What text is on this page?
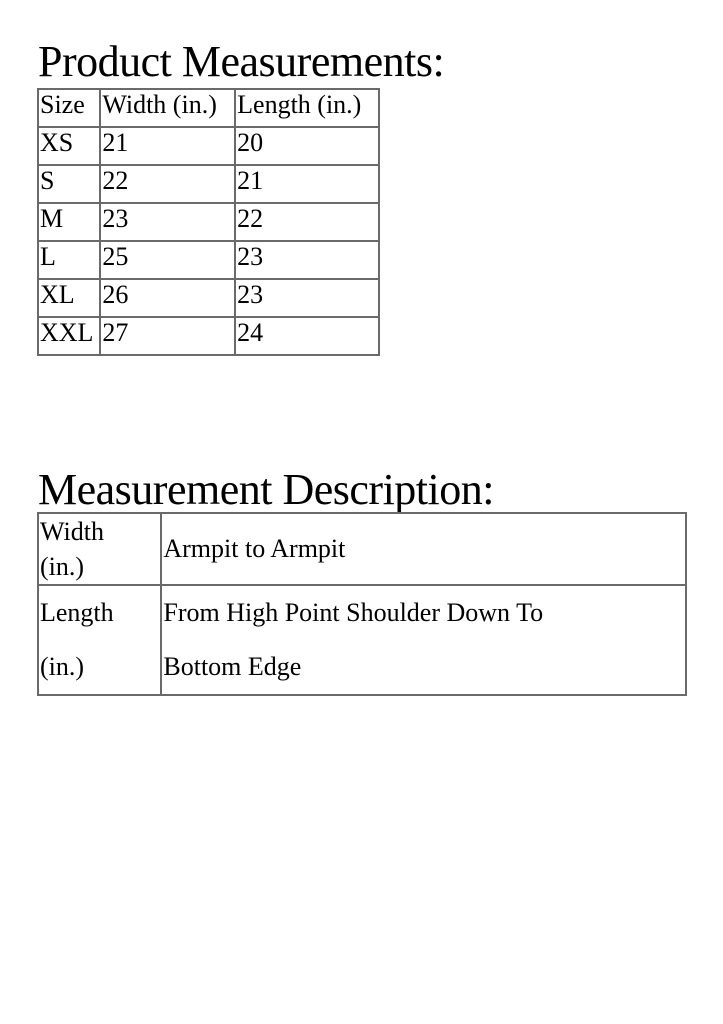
Product Measurements:
Size	Width (in.)	Length (in.)
XS	21	20
S	22	21
M	23	22
L	25	23
XL	26	23
XXL	27	24
Measurement Description:
Width (in.)	Armpit to Armpit

Length (in.)	From High Point Shoulder Down To Bottom Edge
